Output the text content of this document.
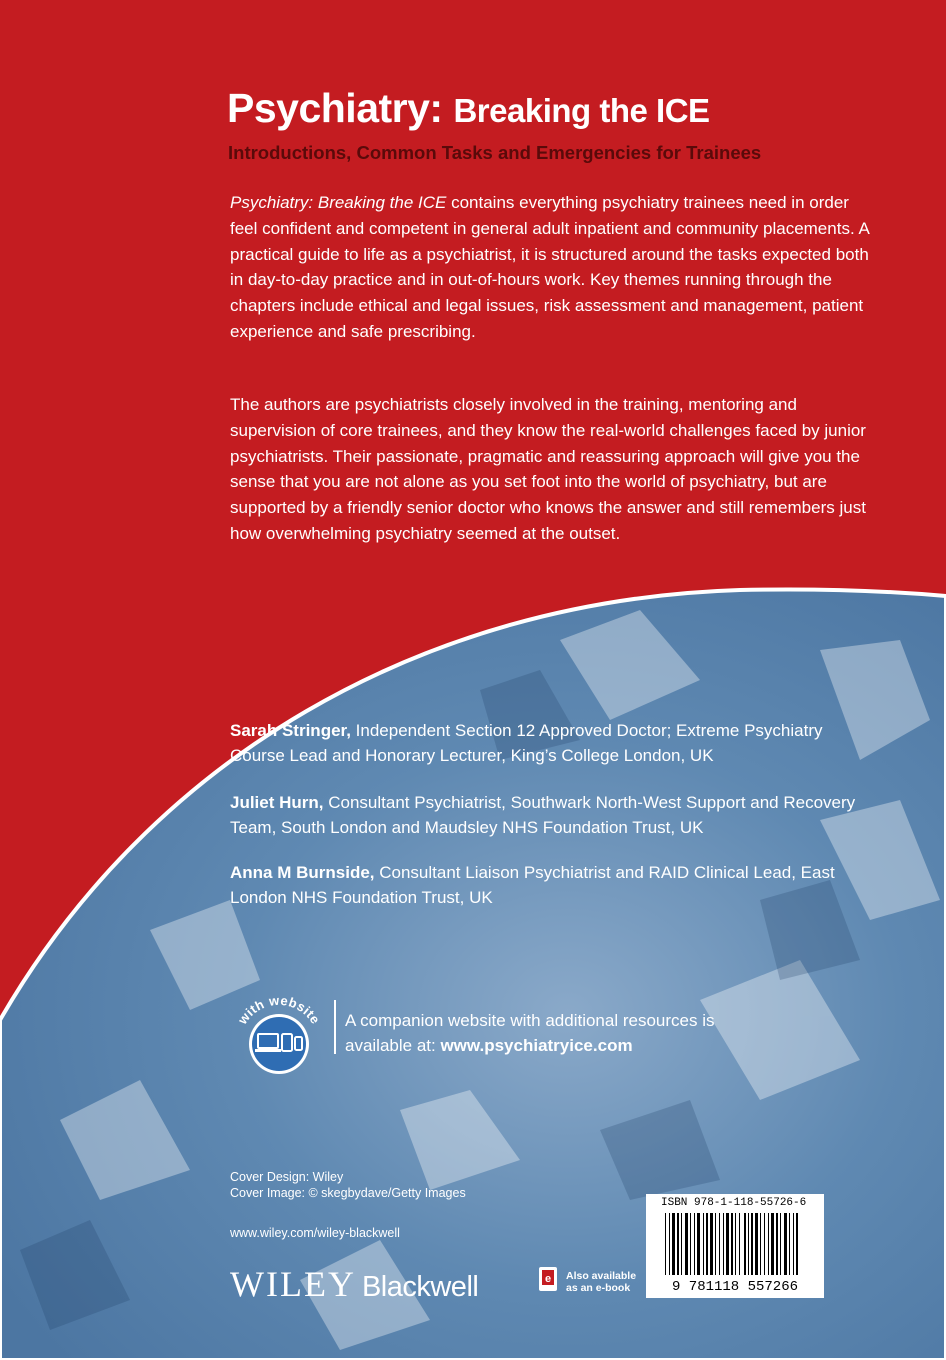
Psychiatry: Breaking the ICE
Introductions, Common Tasks and Emergencies for Trainees

Psychiatry: Breaking the ICE contains everything psychiatry trainees need in order feel confident and competent in general adult inpatient and community placements. A practical guide to life as a psychiatrist, it is structured around the tasks expected both in day-to-day practice and in out-of-hours work. Key themes running through the chapters include ethical and legal issues, risk assessment and management, patient experience and safe prescribing.

The authors are psychiatrists closely involved in the training, mentoring and supervision of core trainees, and they know the real-world challenges faced by junior psychiatrists. Their passionate, pragmatic and reassuring approach will give you the sense that you are not alone as you set foot into the world of psychiatry, but are supported by a friendly senior doctor who knows the answer and still remembers just how overwhelming psychiatry seemed at the outset.

Sarah Stringer, Independent Section 12 Approved Doctor; Extreme Psychiatry Course Lead and Honorary Lecturer, King’s College London, UK

Juliet Hurn, Consultant Psychiatrist, Southwark North-West Support and Recovery Team, South London and Maudsley NHS Foundation Trust, UK

Anna M Burnside, Consultant Liaison Psychiatrist and RAID Clinical Lead, East London NHS Foundation Trust, UK

with website A companion website with additional resources is available at: www.psychiatryice.com

Cover Design: Wiley
Cover Image: © skegbydave/Getty Images
www.wiley.com/wiley-blackwell
WILEY Blackwell	e Also available
as an e-book
ISBN 978-1-118-55726-6
9 781118 557266
